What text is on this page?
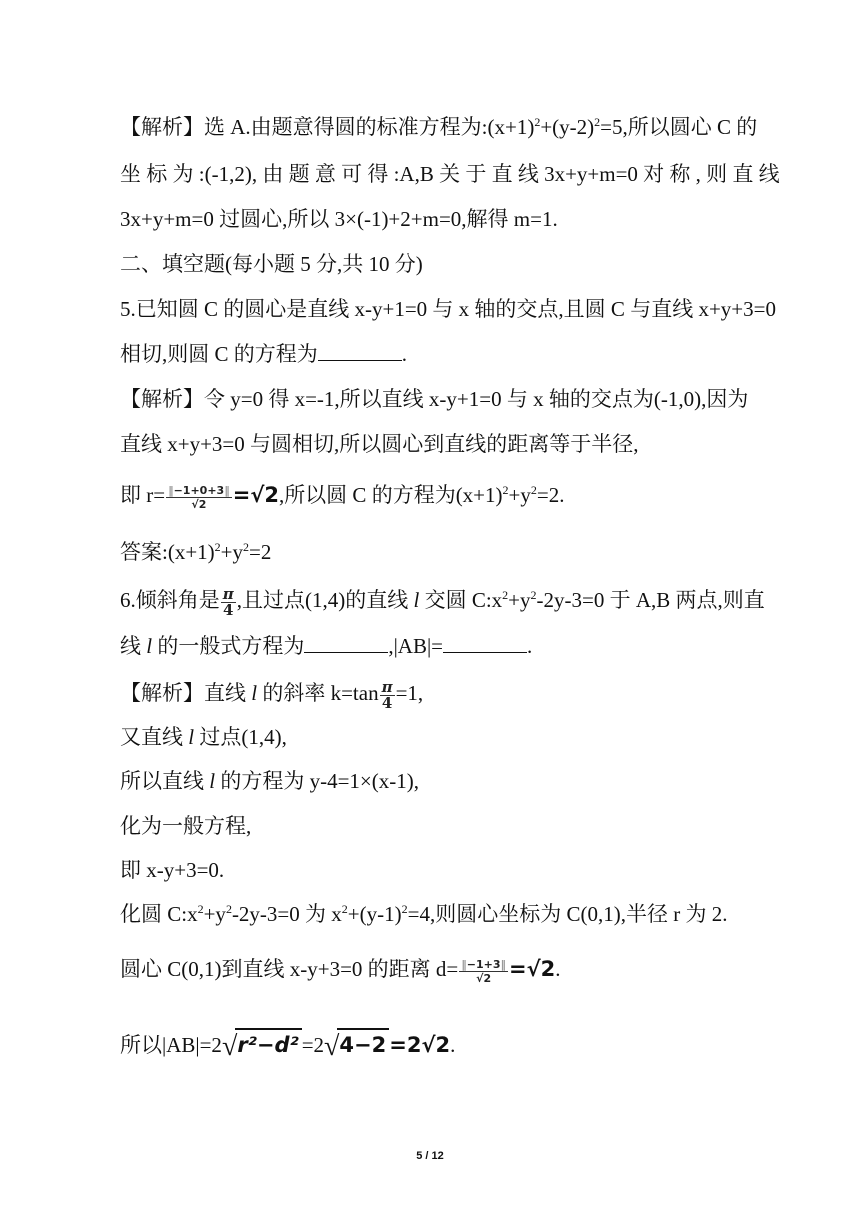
【解析】选 A.由题意得圆的标准方程为$:(x+1)^2+(y-2)^2=5$,所以圆心 C 的
坐 标 为 :(-1,2), 由 题 意 可 得 :A,B 关 于 直 线 3x+y+m=0 对 称 , 则 直 线
3x+y+m=0 过圆心,所以 3×(-1)+2+m=0,解得 m=1.
二、填空题(每小题 5 分,共 10 分)
5.已知圆 C 的圆心是直线 x-y+1=0 与 x 轴的交点,且圆 C 与直线 x+y+3=0
相切,则圆 C 的方程为	.
【解析】令 y=0 得 x=-1,所以直线 x-y+1=0 与 x 轴的交点为(-1,0),因为
直线 x+y+3=0 与圆相切,所以圆心到直线的距离等于半径,
即 $r= \frac{‖-1+0+3‖}{√2} =√2$,所以圆 C 的方程为$(x+1)^2+y^2=2$.
答案$:(x+1)^2+y^2=2$
6.倾斜角是 $\frac{\pi}{4}$ ,且过点(1,4)的直线 l 交圆 $C:x^2+y^2-2y-3=0$ 于 A,B 两点,则直
线 l 的一般式方程为	,|AB|=	.
【解析】直线 l 的斜率 $k=\tan \frac{\pi}{4} =1$,
又直线 l 过点(1,4),
所以直线 l 的方程为 y-4=1×(x-1),
化为一般方程,
即 x-y+3=0.
化圆 $C:x^2+y^2-2y-3=0$ 为 $x^2+(y-1)^2=4$,则圆心坐标为 C(0,1),半径 r 为 2.
圆心 C(0,1)到直线 x-y+3=0 的距离 $d= \frac{‖-1+3‖}{√2} =√2$.
所以|AB|=2√r²−d² =2√4−2 =2√2.
5 / 12
